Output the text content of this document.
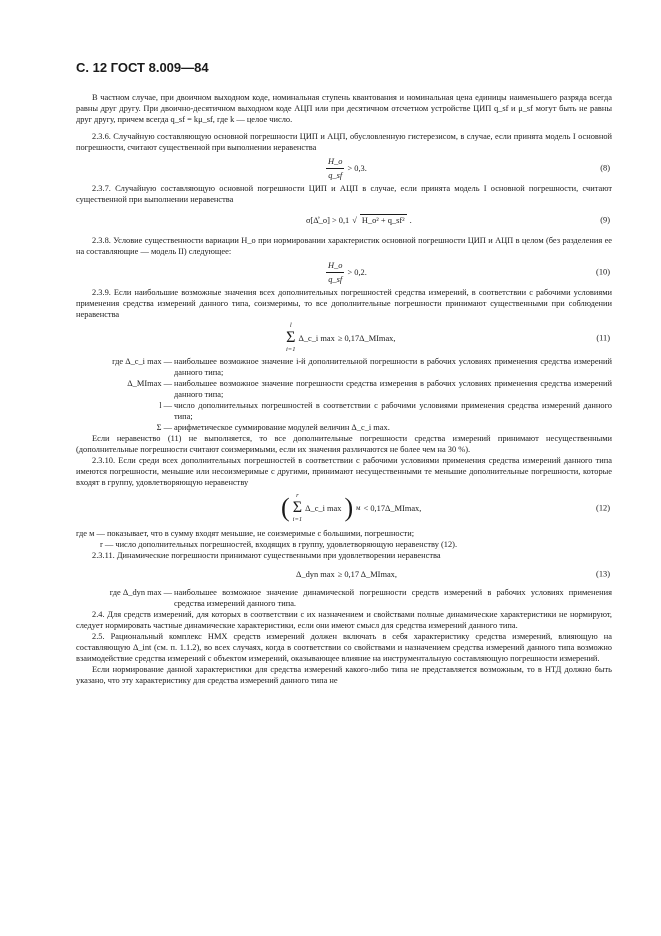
С. 12 ГОСТ 8.009—84

В частном случае, при двоичном выходном коде, номинальная ступень квантования и номинальная цена единицы наименьшего разряда всегда равны друг другу. При двоично-десятичном выходном коде АЦП или при десятичном отсчетном устройстве ЦИП q_sf и μ_sf могут быть не равны друг другу, причем всегда q_sf = kμ_sf, где k — целое число.

2.3.6. Случайную составляющую основной погрешности ЦИП и АЦП, обусловленную гистерезисом, в случае, если принята модель I основной погрешности, считают существенной при выполнении неравенства

$\frac{H\_o}{q\_sf} > 0,3$.	(8)

2.3.7. Случайную составляющую основной погрешности ЦИП и АЦП в случае, если принята модель I основной погрешности, считают существенной при выполнении неравенства

σ[Δ̊_o] > 0,1 √ H_o² + q_sf² .	(9)

2.3.8. Условие существенности вариации H_o при нормировании характеристик основной погрешности ЦИП и АЦП в целом (без разделения ее на составляющие — модель II) следующее:

$\frac{H\_o}{q\_sf} > 0,2$.	(10)

2.3.9. Если наибольшие возможные значения всех дополнительных погрешностей средства измерений, в соответствии с рабочими условиями применения средства измерений данного типа, соизмеримы, то все дополнительные погрешности принимают существенными при соблюдении неравенства

l
Σ
i=1
Δ_c_i max ≥ 0,17Δ_MImax,	(11)
где Δ_c_i max — наибольшее возможное значение i-й дополнительной погрешности в рабочих условиях применения средства измерений данного типа;
Δ_MImax — наибольшее возможное значение погрешности средства измерения в рабочих условиях применения средства измерений данного типа;
l — число дополнительных погрешностей в соответствии с рабочими условиями применения средства измерений данного типа;
Σ — арифметическое суммирование модулей величин Δ_c_i max.

Если неравенство (11) не выполняется, то все дополнительные погрешности средства измерений принимают несущественными (дополнительные погрешности считают соизмеримыми, если их значения различаются не более чем на 30 %).

2.3.10. Если среди всех дополнительных погрешностей в соответствии с рабочими условиями применения средства измерений данного типа имеются погрешности, меньшие или несоизмеримые с другими, принимают несущественными те меньшие дополнительные погрешности, которые входят в группу, удовлетворяющую неравенству

( r
Σ
i=1
Δ_c_i max ) м < 0,17Δ_MImax,	(12)

где м — показывает, что в сумму входят меньшие, не соизмеримые с большими, погрешности;

r — число дополнительных погрешностей, входящих в группу, удовлетворяющую неравенству (12).

2.3.11. Динамические погрешности принимают существенными при удовлетворении неравенства

Δ_dyn max ≥ 0,17 Δ_MImax,	(13)
где Δ_dyn max — наибольшее возможное значение динамической погрешности средств измерений в рабочих условиях применения средства измерений данного типа.

2.4. Для средств измерений, для которых в соответствии с их назначением и свойствами полные динамические характеристики не нормируют, следует нормировать частные динамические характеристики, если они имеют смысл для средства измерений данного типа.

2.5. Рациональный комплекс НМХ средств измерений должен включать в себя характеристику средства измерений, влияющую на составляющую Δ_int (см. п. 1.1.2), во всех случаях, когда в соответствии со свойствами и назначением средства измерений данного типа возможно взаимодействие средства измерений с объектом измерений, оказывающее влияние на инструментальную составляющую погрешности измерений.

Если нормирование данной характеристики для средства измерений какого-либо типа не представляется возможным, то в НТД должно быть указано, что эту характеристику для средства измерений данного типа не
